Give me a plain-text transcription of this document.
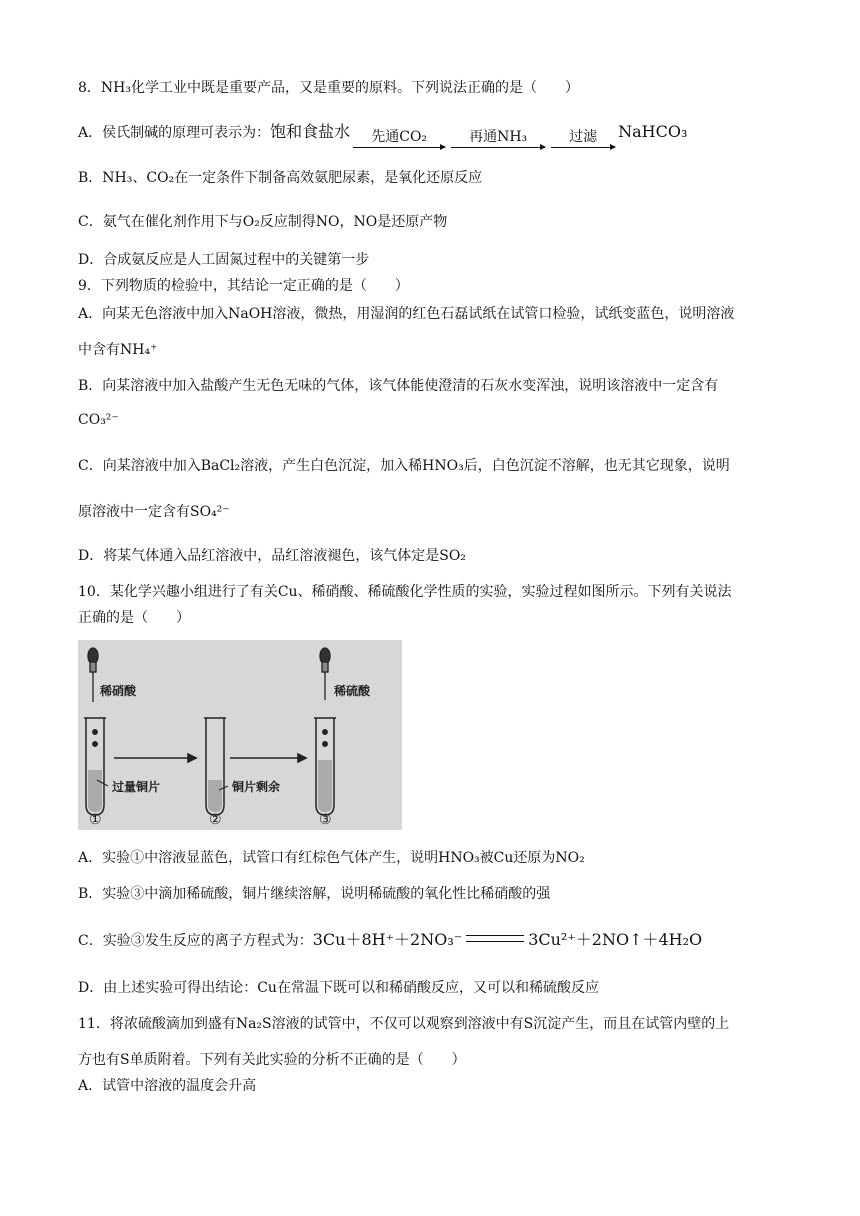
8．NH₃化学工业中既是重要产品，又是重要的原料。下列说法正确的是（　　）
A．侯氏制碱的原理可表示为：饱和食盐水	先通CO₂	再通NH₃	过滤	NaHCO₃
B．NH₃、CO₂在一定条件下制备高效氨肥尿素，是氧化还原反应
C．氨气在催化剂作用下与O₂反应制得NO，NO是还原产物
D．合成氨反应是人工固氮过程中的关键第一步
9．下列物质的检验中，其结论一定正确的是（　　）
A．向某无色溶液中加入NaOH溶液，微热，用湿润的红色石磊试纸在试管口检验，试纸变蓝色，说明溶液
中含有NH₄⁺
B．向某溶液中加入盐酸产生无色无味的气体，该气体能使澄清的石灰水变浑浊，说明该溶液中一定含有
CO₃²⁻
C．向某溶液中加入BaCl₂溶液，产生白色沉淀，加入稀HNO₃后，白色沉淀不溶解，也无其它现象，说明
原溶液中一定含有SO₄²⁻
D．将某气体通入品红溶液中，品红溶液褪色，该气体定是SO₂
10．某化学兴趣小组进行了有关Cu、稀硝酸、稀硫酸化学性质的实验，实验过程如图所示。下列有关说法
正确的是（　　）
稀硝酸	稀硫酸
过量铜片	铜片剩余
①	②	③
A．实验①中溶液显蓝色，试管口有红棕色气体产生，说明HNO₃被Cu还原为NO₂
B．实验③中滴加稀硫酸，铜片继续溶解，说明稀硫酸的氧化性比稀硝酸的强
C．实验③发生反应的离子方程式为：3Cu＋8H⁺＋2NO₃⁻	3Cu²⁺＋2NO↑＋4H₂O
D．由上述实验可得出结论：Cu在常温下既可以和稀硝酸反应，又可以和稀硫酸反应
11．将浓硫酸滴加到盛有Na₂S溶液的试管中，不仅可以观察到溶液中有S沉淀产生，而且在试管内壁的上
方也有S单质附着。下列有关此实验的分析不正确的是（　　）
A．试管中溶液的温度会升高
